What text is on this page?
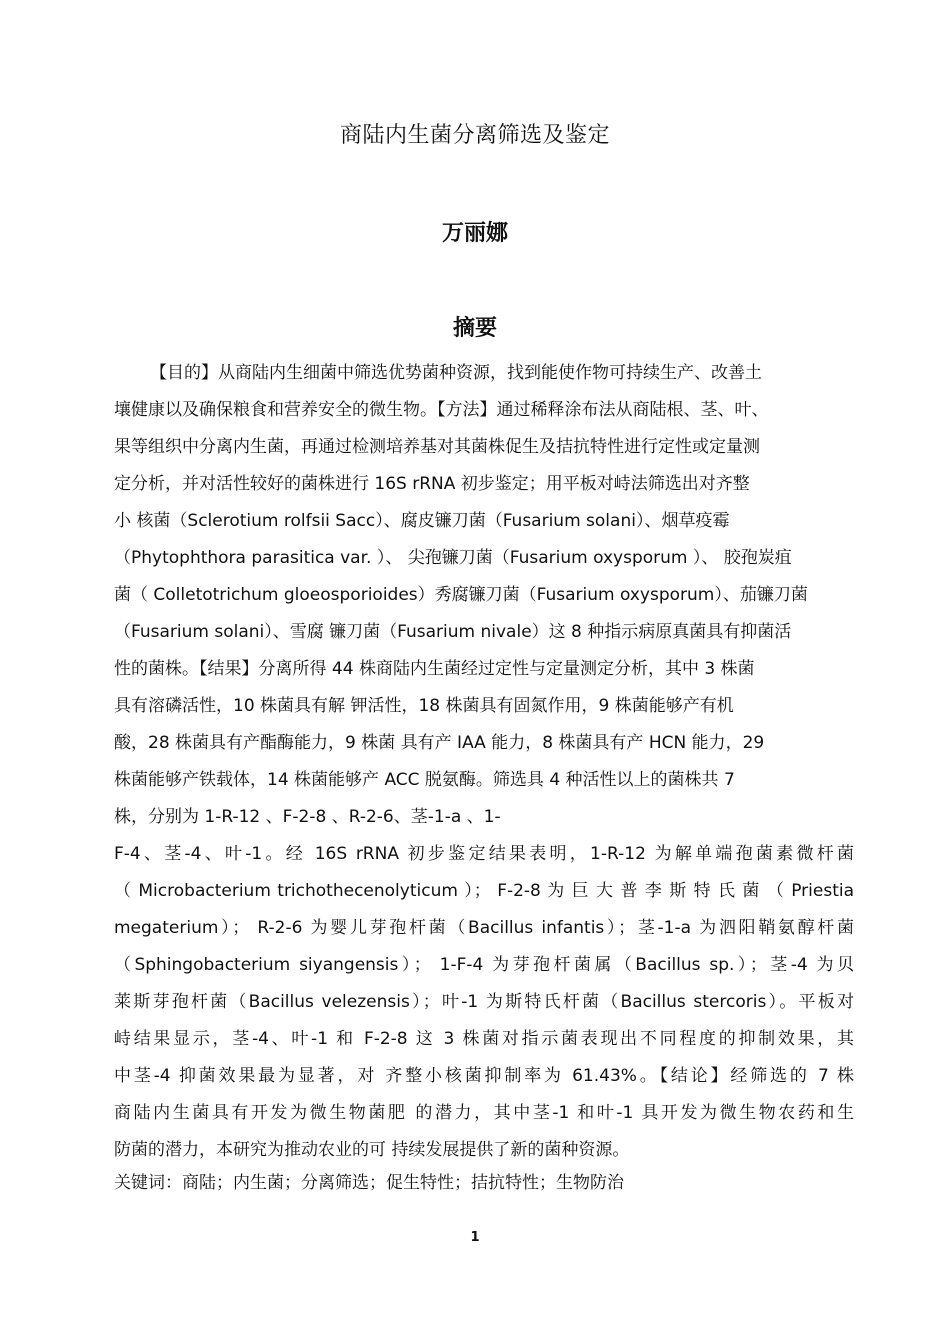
商陆内生菌分离筛选及鉴定
万丽娜
摘要
【目的】从商陆内生细菌中筛选优势菌种资源，找到能使作物可持续生产、改善土
壤健康以及确保粮食和营养安全的微生物。【方法】通过稀释涂布法从商陆根、茎、叶、
果等组织中分离内生菌，再通过检测培养基对其菌株促生及拮抗特性进行定性或定量测
定分析，并对活性较好的菌株进行 16S rRNA 初步鉴定；用平板对峙法筛选出对齐整
小 核菌（Sclerotium rolfsii Sacc）、腐皮镰刀菌（Fusarium solani）、烟草疫霉
（Phytophthora parasitica var. ）、 尖孢镰刀菌（Fusarium oxysporum ）、 胶孢炭疽
菌（ Colletotrichum gloeosporioides）秀腐镰刀菌（Fusarium oxysporum）、茄镰刀菌
（Fusarium solani）、雪腐 镰刀菌（Fusarium nivale）这 8 种指示病原真菌具有抑菌活
性的菌株。【结果】分离所得 44 株商陆内生菌经过定性与定量测定分析，其中 3 株菌
具有溶磷活性，10 株菌具有解 钾活性，18 株菌具有固氮作用，9 株菌能够产有机
酸，28 株菌具有产酯酶能力，9 株菌 具有产 IAA 能力，8 株菌具有产 HCN 能力，29
株菌能够产铁载体，14 株菌能够产 ACC 脱氨酶。筛选具 4 种活性以上的菌株共 7
株，分别为 1-R-12 、F-2-8 、R-2-6、茎-1-a 、1-
F-4、茎-4、叶-1。经 16S rRNA 初步鉴定结果表明，1-R-12 为解单端孢菌素微杆菌
（ Microbacterium trichothecenolyticum ）； F-2-8 为 巨 大 普 李 斯 特 氏 菌 （ Priestia
megaterium）； R-2-6 为婴儿芽孢杆菌（Bacillus infantis）；茎-1-a 为泗阳鞘氨醇杆菌
（Sphingobacterium siyangensis）； 1-F-4 为芽孢杆菌属（Bacillus sp.）；茎-4 为贝
莱斯芽孢杆菌（Bacillus velezensis）；叶-1 为斯特氏杆菌（Bacillus stercoris）。平板对
峙结果显示，茎-4、叶-1 和 F-2-8 这 3 株菌对指示菌表现出不同程度的抑制效果，其
中茎-4 抑菌效果最为显著，对 齐整小核菌抑制率为 61.43%。【结论】经筛选的 7 株
商陆内生菌具有开发为微生物菌肥 的潜力，其中茎-1 和叶-1 具开发为微生物农药和生
防菌的潜力，本研究为推动农业的可 持续发展提供了新的菌种资源。
关键词：商陆；内生菌；分离筛选；促生特性；拮抗特性；生物防治
1
